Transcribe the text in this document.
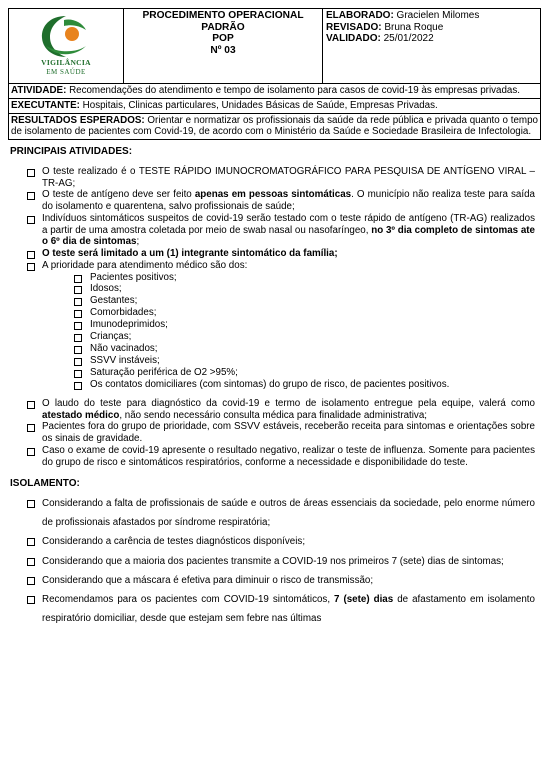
VIGILÂNCIA
EM SAÚDE

PROCEDIMENTO OPERACIONAL
PADRÃO
POP
Nº 03

ELABORADO: Gracielen Milomes
REVISADO: Bruna Roque
VALIDADO: 25/01/2022
ATIVIDADE: Recomendações do atendimento e tempo de isolamento para casos de covid-19 às empresas privadas.
EXECUTANTE: Hospitais, Clinicas particulares, Unidades Básicas de Saúde, Empresas Privadas.
RESULTADOS ESPERADOS: Orientar e normatizar os profissionais da saúde da rede pública e privada quanto o tempo de isolamento de pacientes com Covid-19, de acordo com o Ministério da Saúde e Sociedade Brasileira de Infectologia.
PRINCIPAIS ATIVIDADES:
O teste realizado é o TESTE RÁPIDO IMUNOCROMATOGRÁFICO PARA PESQUISA DE ANTÍGENO VIRAL – TR-AG;
O teste de antígeno deve ser feito apenas em pessoas sintomáticas. O município não realiza teste para saída do isolamento e quarentena, salvo profissionais de saúde;
Indivíduos sintomáticos suspeitos de covid-19 serão testado com o teste rápido de antígeno (TR-AG) realizados a partir de uma amostra coletada por meio de swab nasal ou nasofaríngeo, no 3º dia completo de sintomas ate o 6º dia de sintomas;
O teste será limitado a um (1) integrante sintomático da família;
A prioridade para atendimento médico são dos:
Pacientes positivos;
Idosos;
Gestantes;
Comorbidades;
Imunodeprimidos;
Crianças;
Não vacinados;
SSVV instáveis;
Saturação periférica de O2 >95%;
Os contatos domiciliares (com sintomas) do grupo de risco, de pacientes positivos.
O laudo do teste para diagnóstico da covid-19 e termo de isolamento entregue pela equipe, valerá como atestado médico, não sendo necessário consulta médica para finalidade administrativa;
Pacientes fora do grupo de prioridade, com SSVV estáveis, receberão receita para sintomas e orientações sobre os sinais de gravidade.
Caso o exame de covid-19 apresente o resultado negativo, realizar o teste de influenza. Somente para pacientes do grupo de risco e sintomáticos respiratórios, conforme a necessidade e disponibilidade do teste.
ISOLAMENTO:
Considerando a falta de profissionais de saúde e outros de áreas essenciais da sociedade, pelo enorme número de profissionais afastados por síndrome respiratória;
Considerando a carência de testes diagnósticos disponíveis;
Considerando que a maioria dos pacientes transmite a COVID-19 nos primeiros 7 (sete) dias de sintomas;
Considerando que a máscara é efetiva para diminuir o risco de transmissão;
Recomendamos para os pacientes com COVID-19 sintomáticos, 7 (sete) dias de afastamento em isolamento respiratório domiciliar, desde que estejam sem febre nas últimas
